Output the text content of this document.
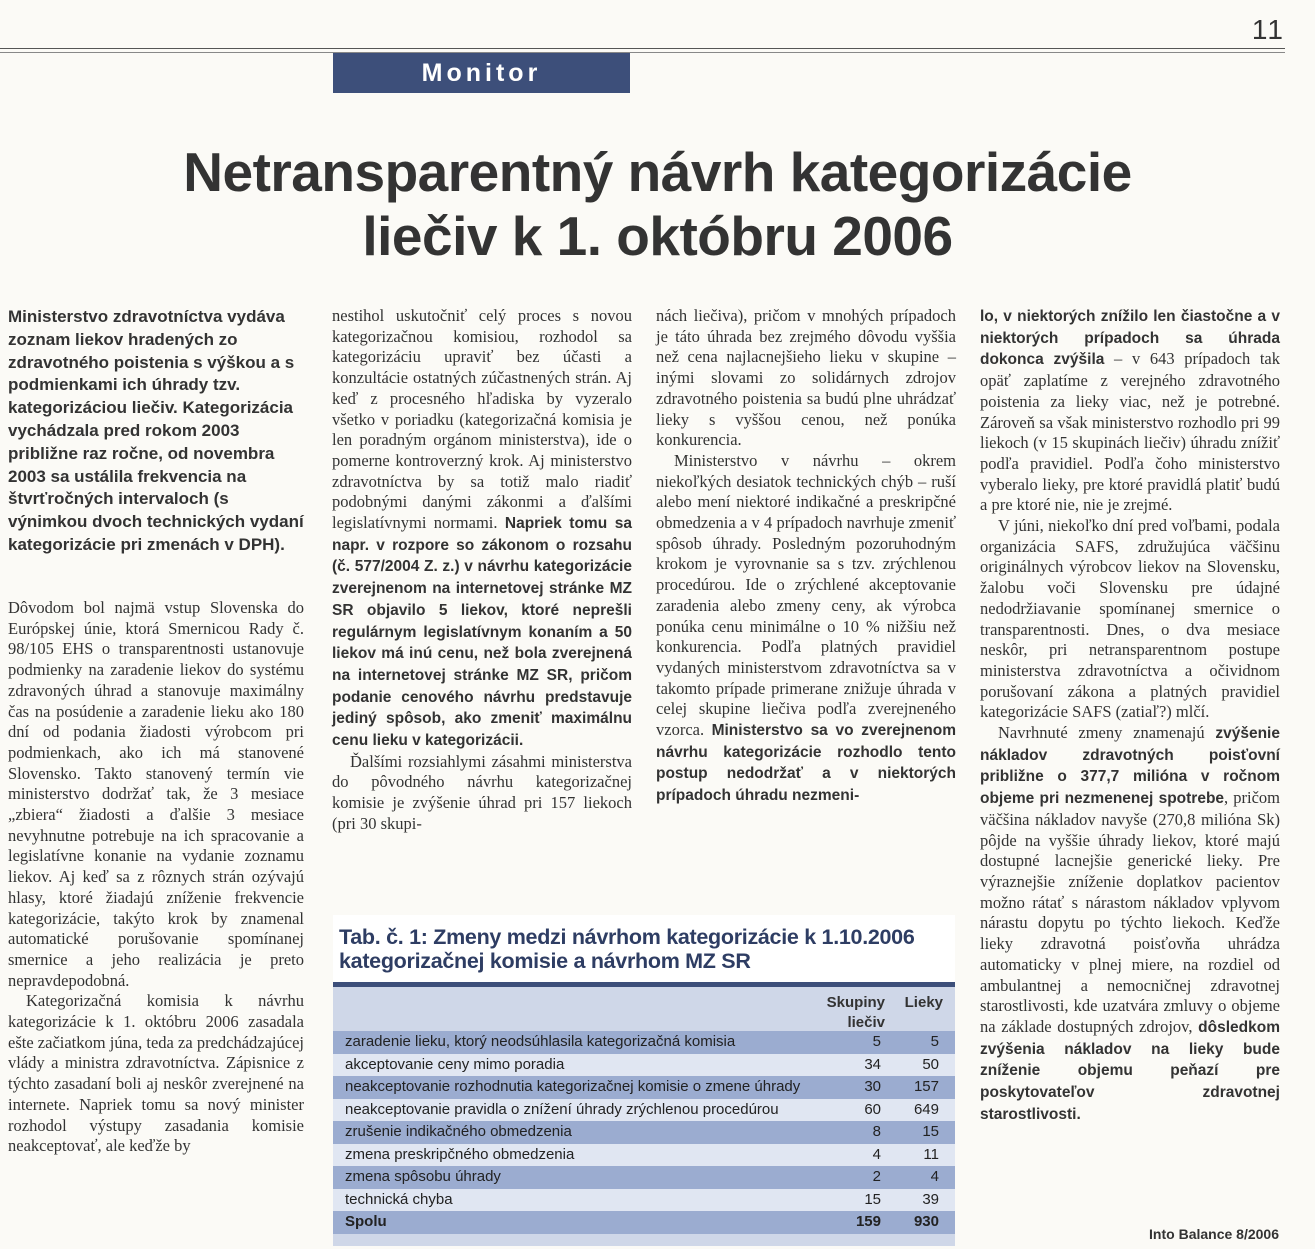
11
Monitor
Netransparentný návrh kategorizácie
liečiv k 1. októbru 2006
Ministerstvo zdravotníctva vydáva zoznam liekov hradených zo zdravotného poistenia s výškou a s podmienkami ich úhrady tzv. kategorizáciou liečiv. Kategorizácia vychádzala pred rokom 2003 približne raz ročne, od novembra 2003 sa ustálila frekvencia na štvrťročných intervaloch (s výnimkou dvoch technických vydaní kategorizácie pri zmenách v DPH).

Dôvodom bol najmä vstup Slovenska do Európskej únie, ktorá Smernicou Rady č. 98/105 EHS o transparentnosti ustanovuje podmienky na zaradenie liekov do systému zdravoných úhrad a stanovuje maximálny čas na posúdenie a zaradenie lieku ako 180 dní od podania žiadosti výrobcom pri podmienkach, ako ich má stanovené Slovensko. Takto stanovený termín vie ministerstvo dodržať tak, že 3 mesiace „zbiera“ žiadosti a ďalšie 3 mesiace nevyhnutne potrebuje na ich spracovanie a legislatívne konanie na vydanie zoznamu liekov. Aj keď sa z rôznych strán ozývajú hlasy, ktoré žiadajú zníženie frekvencie kategorizácie, takýto krok by znamenal automatické porušovanie spomínanej smernice a jeho realizácia je preto nepravdepodobná.

Kategorizačná komisia k návrhu kategorizácie k 1. októbru 2006 zasadala ešte začiatkom júna, teda za predchádzajúcej vlády a ministra zdravotníctva. Zápisnice z týchto zasadaní boli aj neskôr zverejnené na internete. Napriek tomu sa nový minister rozhodol výstupy zasadania komisie neakceptovať, ale keďže by

nestihol uskutočniť celý proces s novou kategorizačnou komisiou, rozhodol sa kategorizáciu upraviť bez účasti a konzultácie ostatných zúčastnených strán. Aj keď z procesného hľadiska by vyzeralo všetko v poriadku (kategorizačná komisia je len poradným orgánom ministerstva), ide o pomerne kontroverzný krok. Aj ministerstvo zdravotníctva by sa totiž malo riadiť podobnými danými zákonmi a ďalšími legislatívnymi normami. Napriek tomu sa napr. v rozpore so zákonom o rozsahu (č. 577/2004 Z. z.) v návrhu kategorizácie zverejnenom na internetovej stránke MZ SR objavilo 5 liekov, ktoré neprešli regulárnym legislatívnym konaním a 50 liekov má inú cenu, než bola zverejnená na internetovej stránke MZ SR, pričom podanie cenového návrhu predstavuje jediný spôsob, ako zmeniť maximálnu cenu lieku v kategorizácii.

Ďalšími rozsiahlymi zásahmi ministerstva do pôvodného návrhu kategorizačnej komisie je zvýšenie úhrad pri 157 liekoch (pri 30 skupi-

nách liečiva), pričom v mnohých prípadoch je táto úhrada bez zrejmého dôvodu vyššia než cena najlacnejšieho lieku v skupine – inými slovami zo solidárnych zdrojov zdravotného poistenia sa budú plne uhrádzať lieky s vyššou cenou, než ponúka konkurencia.

Ministerstvo v návrhu – okrem niekoľkých desiatok technických chýb – ruší alebo mení niektoré indikačné a preskripčné obmedzenia a v 4 prípadoch navrhuje zmeniť spôsob úhrady. Posledným pozoruhodným krokom je vyrovnanie sa s tzv. zrýchlenou procedúrou. Ide o zrýchlené akceptovanie zaradenia alebo zmeny ceny, ak výrobca ponúka cenu minimálne o 10 % nižšiu než konkurencia. Podľa platných pravidiel vydaných ministerstvom zdravotníctva sa v takomto prípade primerane znižuje úhrada v celej skupine liečiva podľa zverejneného vzorca. Ministerstvo sa vo zverejnenom návrhu kategorizácie rozhodlo tento postup nedodržať a v niektorých prípadoch úhradu nezmeni-

lo, v niektorých znížilo len čiastočne a v niektorých prípadoch sa úhrada dokonca zvýšila – v 643 prípadoch tak opäť zaplatíme z verejného zdravotného poistenia za lieky viac, než je potrebné. Zároveň sa však ministerstvo rozhodlo pri 99 liekoch (v 15 skupinách liečiv) úhradu znížiť podľa pravidiel. Podľa čoho ministerstvo vyberalo lieky, pre ktoré pravidlá platiť budú a pre ktoré nie, nie je zrejmé.

V júni, niekoľko dní pred voľbami, podala organizácia SAFS, združujúca väčšinu originálnych výrobcov liekov na Slovensku, žalobu voči Slovensku pre údajné nedodržiavanie spomínanej smernice o transparentnosti. Dnes, o dva mesiace neskôr, pri netransparentnom postupe ministerstva zdravotníctva a očividnom porušovaní zákona a platných pravidiel kategorizácie SAFS (zatiaľ?) mlčí.

Navrhnuté zmeny znamenajú zvýšenie nákladov zdravotných poisťovní približne o 377,7 milióna v ročnom objeme pri nezmenenej spotrebe, pričom väčšina nákladov navyše (270,8 milióna Sk) pôjde na vyššie úhrady liekov, ktoré majú dostupné lacnejšie generické lieky. Pre výraznejšie zníženie doplatkov pacientov možno rátať s nárastom nákladov vplyvom nárastu dopytu po týchto liekoch. Keďže lieky zdravotná poisťovňa uhrádza automaticky v plnej miere, na rozdiel od ambulantnej a nemocničnej zdravotnej starostlivosti, kde uzatvára zmluvy o objeme na základe dostupných zdrojov, dôsledkom zvýšenia nákladov na lieky bude zníženie objemu peňazí pre poskytovateľov zdravotnej starostlivosti.

Tab. č. 1: Zmeny medzi návrhom kategorizácie k 1.10.2006
kategorizačnej komisie a návrhom MZ SR
Skupiny
liečiv
Lieky
zaradenie lieku, ktorý neodsúhlasila kategorizačná komisia	5	5
akceptovanie ceny mimo poradia	34	50
neakceptovanie rozhodnutia kategorizačnej komisie o zmene úhrady	30	157
neakceptovanie pravidla o znížení úhrady zrýchlenou procedúrou	60	649
zrušenie indikačného obmedzenia	8	15
zmena preskripčného obmedzenia	4	11
zmena spôsobu úhrady	2	4
technická chyba	15	39
Spolu	159	930
Into Balance 8/2006
